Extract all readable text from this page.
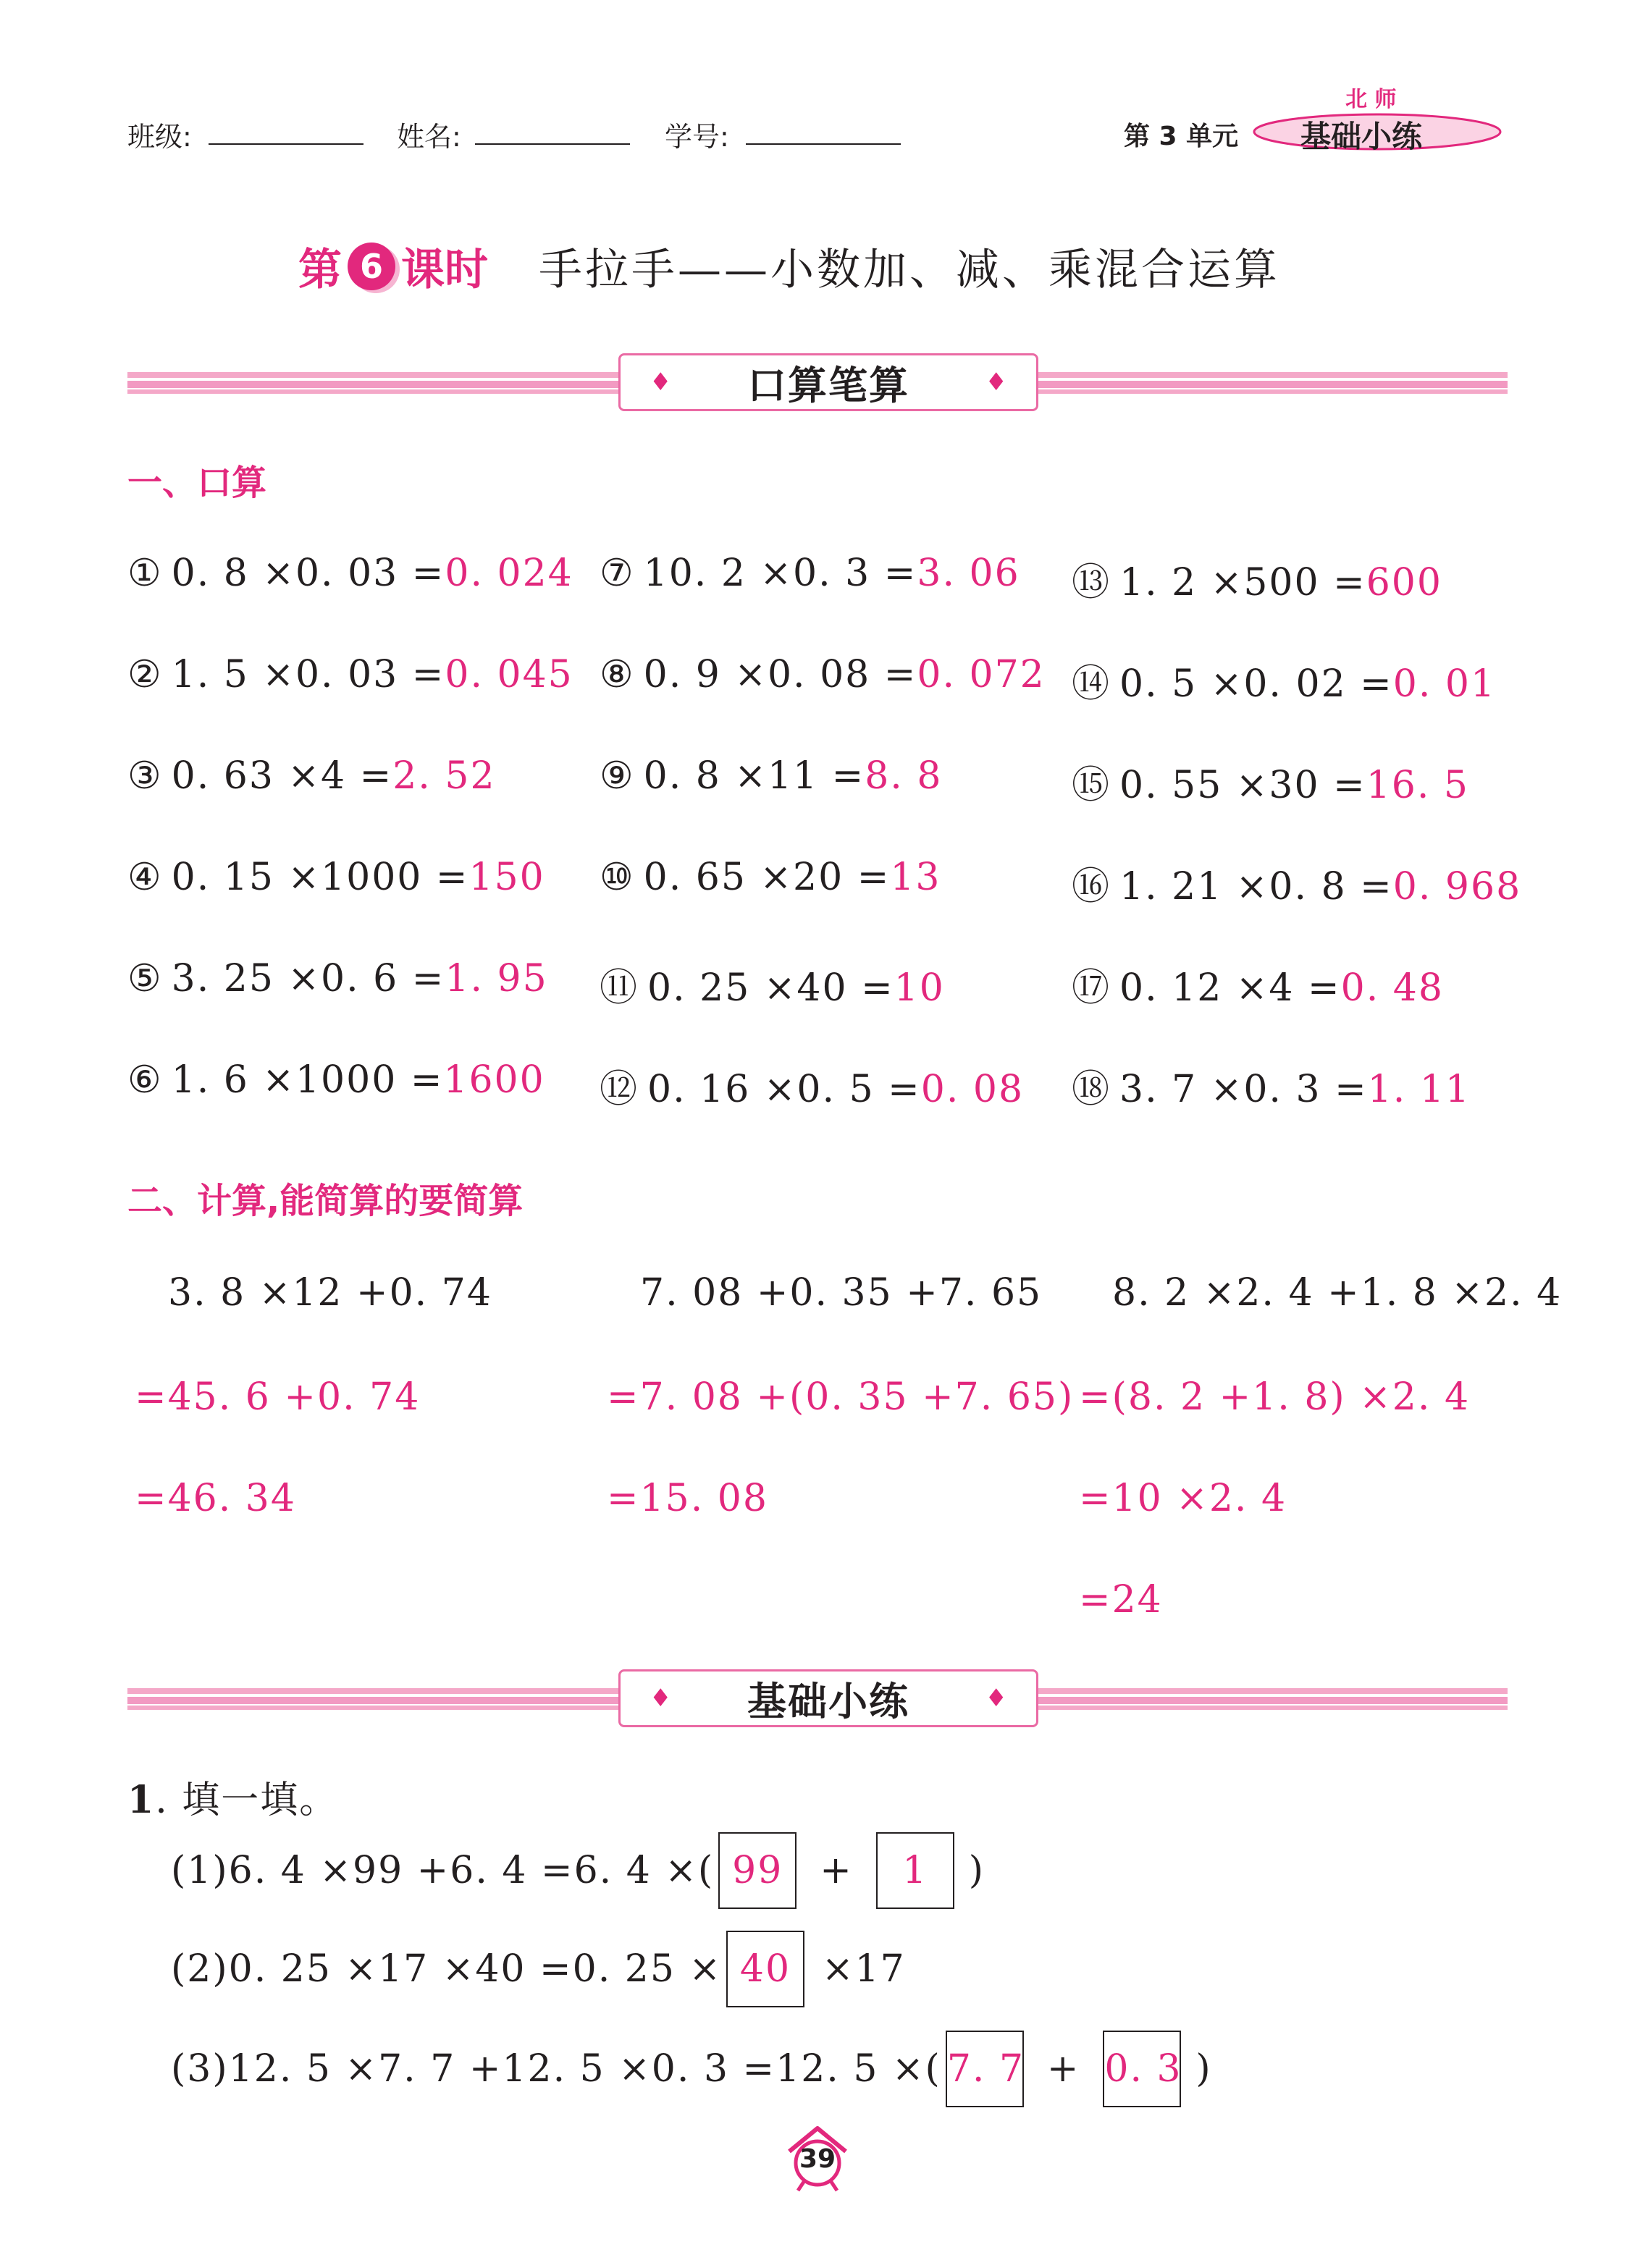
班级:	姓名:	学号:	第 3 单元 基础小练
北 师
第 6 课时 手拉手——小数加、减、乘混合运算
♦ 口算笔算	♦
一、口算
① 0. 8 ×0. 03 =0. 024 ⑦ 10. 2 ×0. 3 =3. 06 ⑬ 1. 2 ×500 =600
② 1. 5 ×0. 03 =0. 045 ⑧ 0. 9 ×0. 08 =0. 072 ⑭ 0. 5 ×0. 02 =0. 01
③ 0. 63 ×4 =2. 52	⑨ 0. 8 ×11 =8. 8	⑮ 0. 55 ×30 =16. 5
④ 0. 15 ×1000 =150 ⑩ 0. 65 ×20 =13	⑯ 1. 21 ×0. 8 =0. 968
⑤ 3. 25 ×0. 6 =1. 95 ⑪ 0. 25 ×40 =10	⑰ 0. 12 ×4 =0. 48
⑥ 1. 6 ×1000 =1600 ⑫ 0. 16 ×0. 5 =0. 08 ⑱ 3. 7 ×0. 3 =1. 11
二、计算,能简算的要简算
3. 8 ×12 +0. 74
=45. 6 +0. 74
=46. 34
7. 08 +0. 35 +7. 65
=7. 08 +(0. 35 +7. 65)
=15. 08
8. 2 ×2. 4 +1. 8 ×2. 4
=(8. 2 +1. 8) ×2. 4
=10 ×2. 4
=24
♦ 基础小练	♦
1. 填一填。
(1)6. 4 ×99 +6. 4 =6. 4 ×( 99 +	1	)
(2)0. 25 ×17 ×40 =0. 25 × 40 ×17
(3)12. 5 ×7. 7 +12. 5 ×0. 3 =12. 5 ×( 7. 7 + 0. 3 )
39
